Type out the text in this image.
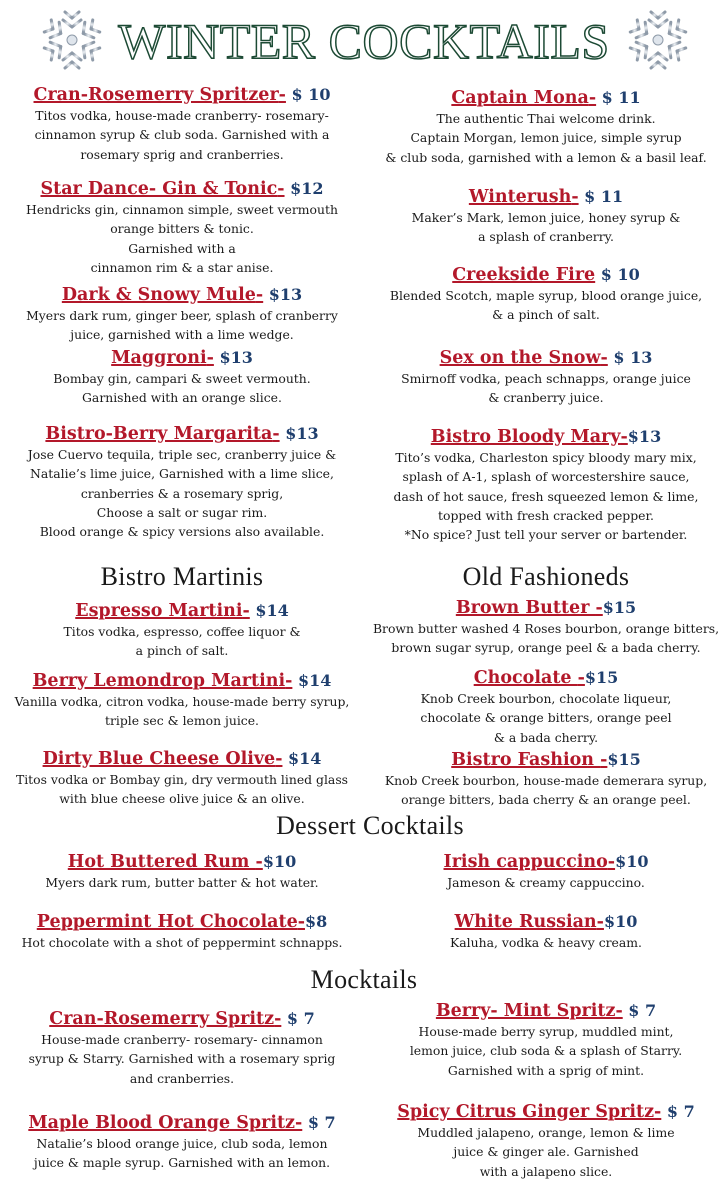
WINTER COCKTAILS
Bistro Martinis	Old Fashioneds
Dessert Cocktails
Mocktails
Cran-Rosemerry Spritzer- $ 10
Titos vodka, house-made cranberry- rosemary-
cinnamon syrup & club soda. Garnished with a
rosemary sprig and cranberries.
Star Dance- Gin & Tonic- $12
Hendricks gin, cinnamon simple, sweet vermouth
orange bitters & tonic.
Garnished with a
cinnamon rim & a star anise.
Dark & Snowy Mule- $13
Myers dark rum, ginger beer, splash of cranberry
juice, garnished with a lime wedge.
Maggroni- $13
Bombay gin, campari & sweet vermouth.
Garnished with an orange slice.
Bistro-Berry Margarita- $13
Jose Cuervo tequila, triple sec, cranberry juice &
Natalie’s lime juice, Garnished with a lime slice,
cranberries & a rosemary sprig,
Choose a salt or sugar rim.
Blood orange & spicy versions also available.
Captain Mona- $ 11
The authentic Thai welcome drink.
Captain Morgan, lemon juice, simple syrup
& club soda, garnished with a lemon & a basil leaf.
Winterush- $ 11
Maker’s Mark, lemon juice, honey syrup &
a splash of cranberry.
Creekside Fire $ 10
Blended Scotch, maple syrup, blood orange juice,
& a pinch of salt.
Sex on the Snow- $ 13
Smirnoff vodka, peach schnapps, orange juice
& cranberry juice.
Bistro Bloody Mary-$13
Tito’s vodka, Charleston spicy bloody mary mix,
splash of A-1, splash of worcestershire sauce,
dash of hot sauce, fresh squeezed lemon & lime,
topped with fresh cracked pepper.
*No spice? Just tell your server or bartender.
Espresso Martini- $14
Titos vodka, espresso, coffee liquor &
a pinch of salt.
Berry Lemondrop Martini- $14
Vanilla vodka, citron vodka, house-made berry syrup,
triple sec & lemon juice.
Dirty Blue Cheese Olive- $14
Titos vodka or Bombay gin, dry vermouth lined glass
with blue cheese olive juice & an olive.
Brown Butter -$15
Brown butter washed 4 Roses bourbon, orange bitters,
brown sugar syrup, orange peel & a bada cherry.
Chocolate -$15
Knob Creek bourbon, chocolate liqueur,
chocolate & orange bitters, orange peel
& a bada cherry.
Bistro Fashion -$15
Knob Creek bourbon, house-made demerara syrup,
orange bitters, bada cherry & an orange peel.
Hot Buttered Rum -$10
Myers dark rum, butter batter & hot water.
Peppermint Hot Chocolate-$8
Hot chocolate with a shot of peppermint schnapps.
Irish cappuccino-$10
Jameson & creamy cappuccino.
White Russian-$10
Kaluha, vodka & heavy cream.
Cran-Rosemerry Spritz- $ 7
House-made cranberry- rosemary- cinnamon
syrup & Starry. Garnished with a rosemary sprig
and cranberries.
Maple Blood Orange Spritz- $ 7
Natalie’s blood orange juice, club soda, lemon
juice & maple syrup. Garnished with an lemon.
Berry- Mint Spritz- $ 7
House-made berry syrup, muddled mint,
lemon juice, club soda & a splash of Starry.
Garnished with a sprig of mint.
Spicy Citrus Ginger Spritz- $ 7
Muddled jalapeno, orange, lemon & lime
juice & ginger ale. Garnished
with a jalapeno slice.
